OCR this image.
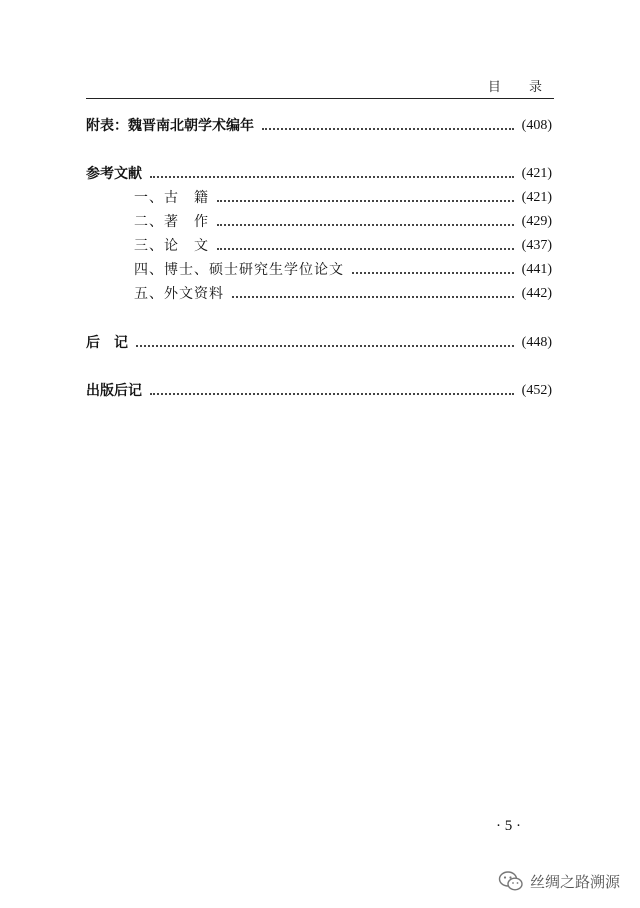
目 录
附表：魏晋南北朝学术编年	(408)
参考文献	(421)
一、古　籍	(421)
二、著　作	(429)
三、论　文	(437)
四、博士、硕士研究生学位论文	(441)
五、外文资料	(442)
后　记	(448)
出版后记	(452)
· 5 ·
丝绸之路溯源
